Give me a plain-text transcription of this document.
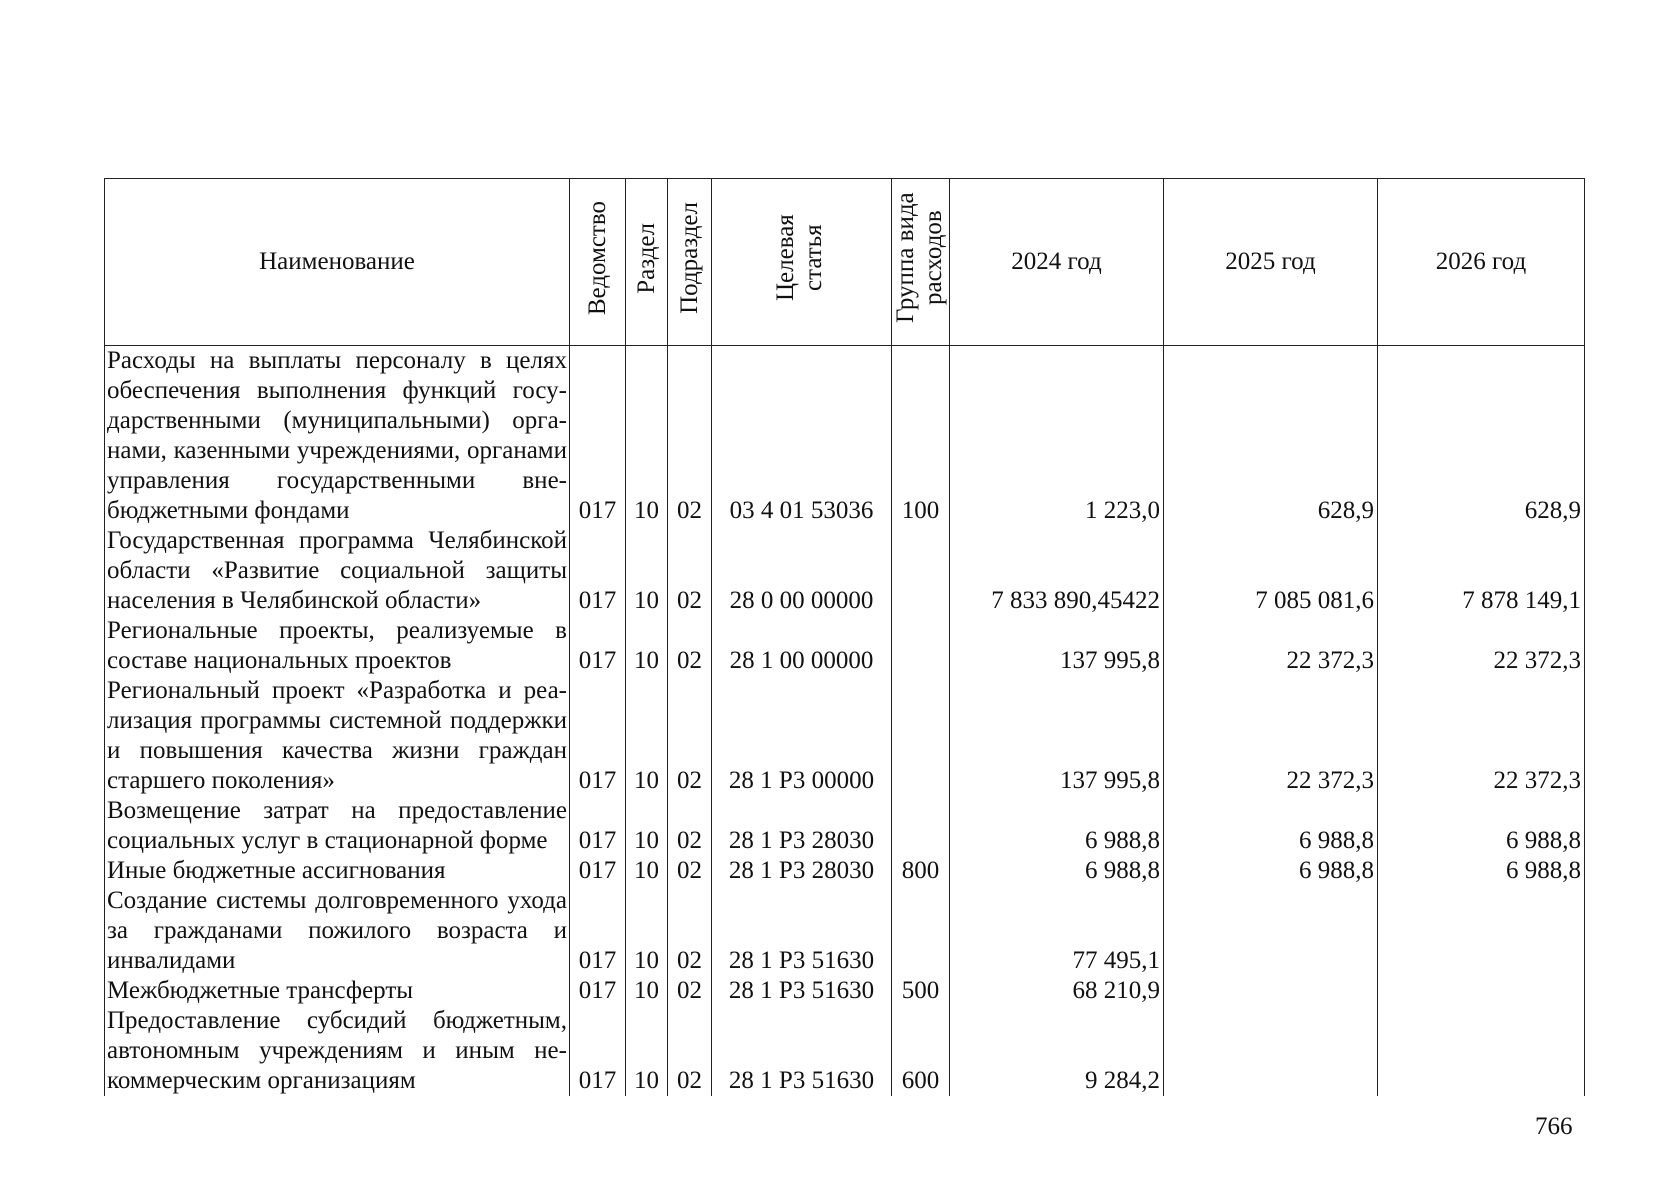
Наименование	Ведомство	Раздел	Подраздел	Целевая статья	Группа вида расходов	2024 год	2025 год	2026 год
Расходы на выплаты персоналу в целях обеспечения выполнения функций государственными (муниципальными) органами, казенными учреждениями, органами управления государственными внебюджетными фондами	017	10	02	03 4 01 53036	100	1 223,0	628,9	628,9
Государственная программа Челябинской области «Развитие социальной защиты населения в Челябинской области»	017	10	02	28 0 00 00000		7 833 890,45422	7 085 081,6	7 878 149,1
Региональные проекты, реализуемые в составе национальных проектов	017	10	02	28 1 00 00000		137 995,8	22 372,3	22 372,3
Региональный проект «Разработка и реализация программы системной поддержки и повышения качества жизни граждан старшего поколения»	017	10	02	28 1 P3 00000		137 995,8	22 372,3	22 372,3
Возмещение затрат на предоставление социальных услуг в стационарной форме	017	10	02	28 1 P3 28030		6 988,8	6 988,8	6 988,8
Иные бюджетные ассигнования	017	10	02	28 1 P3 28030	800	6 988,8	6 988,8	6 988,8
Создание системы долговременного ухода за гражданами пожилого возраста и инвалидами	017	10	02	28 1 P3 51630		77 495,1		
Межбюджетные трансферты	017	10	02	28 1 P3 51630	500	68 210,9		
Предоставление субсидий бюджетным, автономным учреждениям и иным некоммерческим организациям	017	10	02	28 1 P3 51630	600	9 284,2		
766
